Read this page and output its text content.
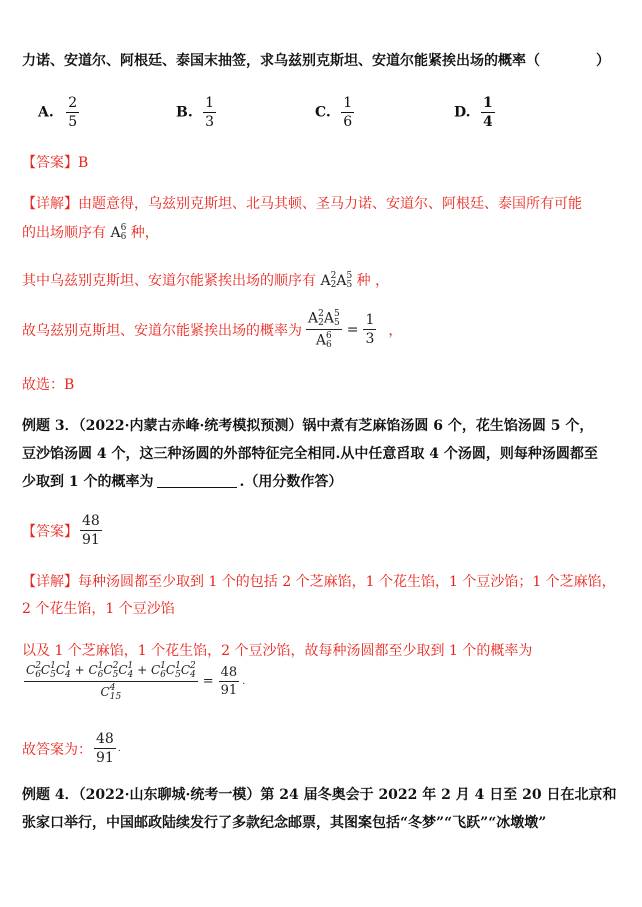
力诺、安道尔、阿根廷、泰国末抽签，求乌兹别克斯坦、安道尔能紧挨出场的概率（	）
A. $\frac{2}{5}$	B. $\frac{1}{3}$	C. $\frac{1}{6}$	D. $\frac{1}{4}$
【答案】B
【详解】由题意得，乌兹别克斯坦、北马其顿、圣马力诺、安道尔、阿根廷、泰国所有可能
的出场顺序有 A 6
6 种，
其中乌兹别克斯坦、安道尔能紧挨出场的顺序有 A 2
2 A 5
5 种 ，
故乌兹别克斯坦、安道尔能紧挨出场的概率为 A 2
2 A 5
5
A 6
$6 = \frac{1}{3}$ ，
故选：B
例题 3．（2022·内蒙古赤峰·统考模拟预测）锅中煮有芝麻馅汤圆 6 个，花生馅汤圆 5 个，
豆沙馅汤圆 4 个，这三种汤圆的外部特征完全相同.从中任意舀取 4 个汤圆，则每种汤圆都至
少取到 1 个的概率为	.（用分数作答）
【答案】 $\frac{48}{91}$
【详解】每种汤圆都至少取到 1 个的包括 2 个芝麻馅，1 个花生馅，1 个豆沙馅；1 个芝麻馅，
2 个花生馅，1 个豆沙馅
以及 1 个芝麻馅，1 个花生馅，2 个豆沙馅，故每种汤圆都至少取到 1 个的概率为
C 2
6 C 1
5 C 1
4 + C 1
6 C 2
5 C 1
4 + C 1
6 C 1
5 C 2
4
C 4
$15 = \frac{48}{91}$ .
故答案为： $\frac{48}{91}$ .
例题 4．（2022·山东聊城·统考一模）第 24 届冬奥会于 2022 年 2 月 4 日至 20 日在北京和
张家口举行，中国邮政陆续发行了多款纪念邮票，其图案包括“冬梦”“飞跃”“冰墩墩”
